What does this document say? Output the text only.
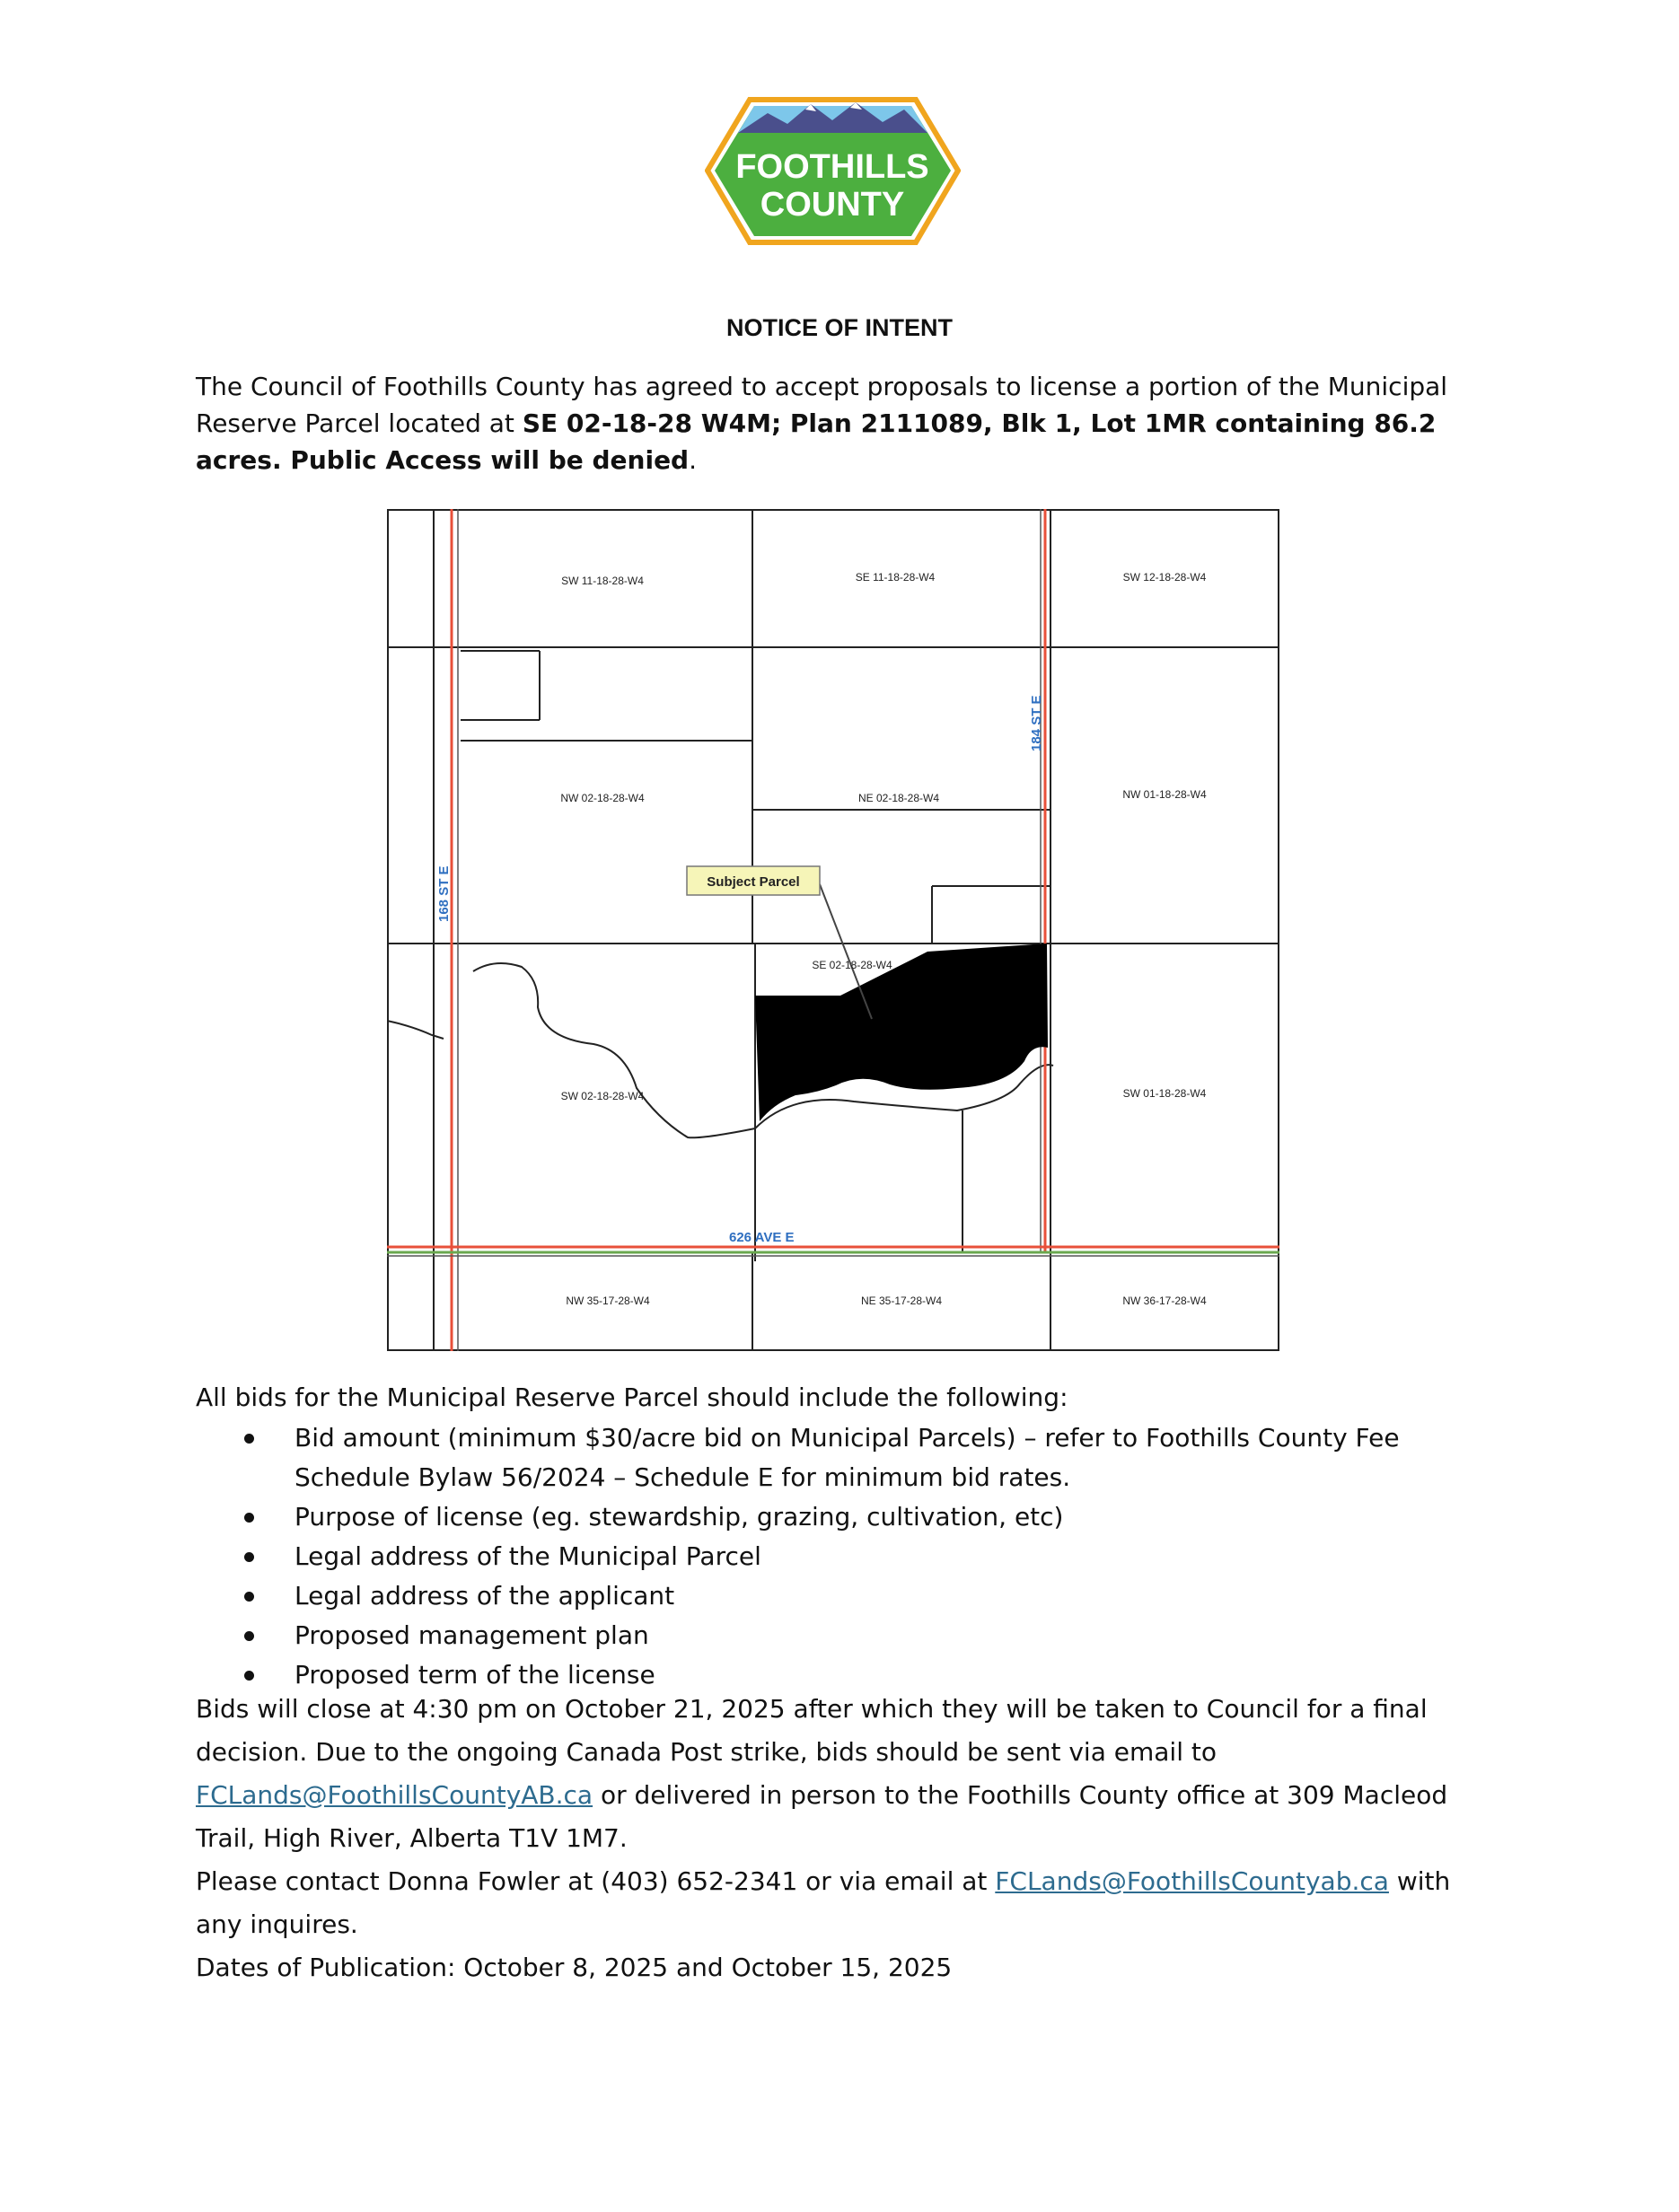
FOOTHILLS
COUNTY
NOTICE OF INTENT
The Council of Foothills County has agreed to accept proposals to license a portion of the Municipal Reserve Parcel located at SE 02-18-28 W4M; Plan 2111089, Blk 1, Lot 1MR containing 86.2 acres. Public Access will be denied.
Subject Parcel
168 ST E
184 ST E
626 AVE E
SW 11-18-28-W4	SE 11-18-28-W4	SW 12-18-28-W4
NW 02-18-28-W4	NE 02-18-28-W4	NW 01-18-28-W4
SE 02-18-28-W4
SW 02-18-28-W4	SW 01-18-28-W4
NW 35-17-28-W4	NE 35-17-28-W4	NW 36-17-28-W4
All bids for the Municipal Reserve Parcel should include the following:
Bid amount (minimum $30/acre bid on Municipal Parcels) – refer to Foothills County Fee Schedule Bylaw 56/2024 – Schedule E for minimum bid rates.
Purpose of license (eg. stewardship, grazing, cultivation, etc)
Legal address of the Municipal Parcel
Legal address of the applicant
Proposed management plan
Proposed term of the license
Bids will close at 4:30 pm on October 21, 2025 after which they will be taken to Council for a final decision. Due to the ongoing Canada Post strike, bids should be sent via email to FCLands@FoothillsCountyAB.ca or delivered in person to the Foothills County office at 309 Macleod Trail, High River, Alberta T1V 1M7.
Please contact Donna Fowler at (403) 652-2341 or via email at FCLands@FoothillsCountyab.ca with any inquires.
Dates of Publication: October 8, 2025 and October 15, 2025
